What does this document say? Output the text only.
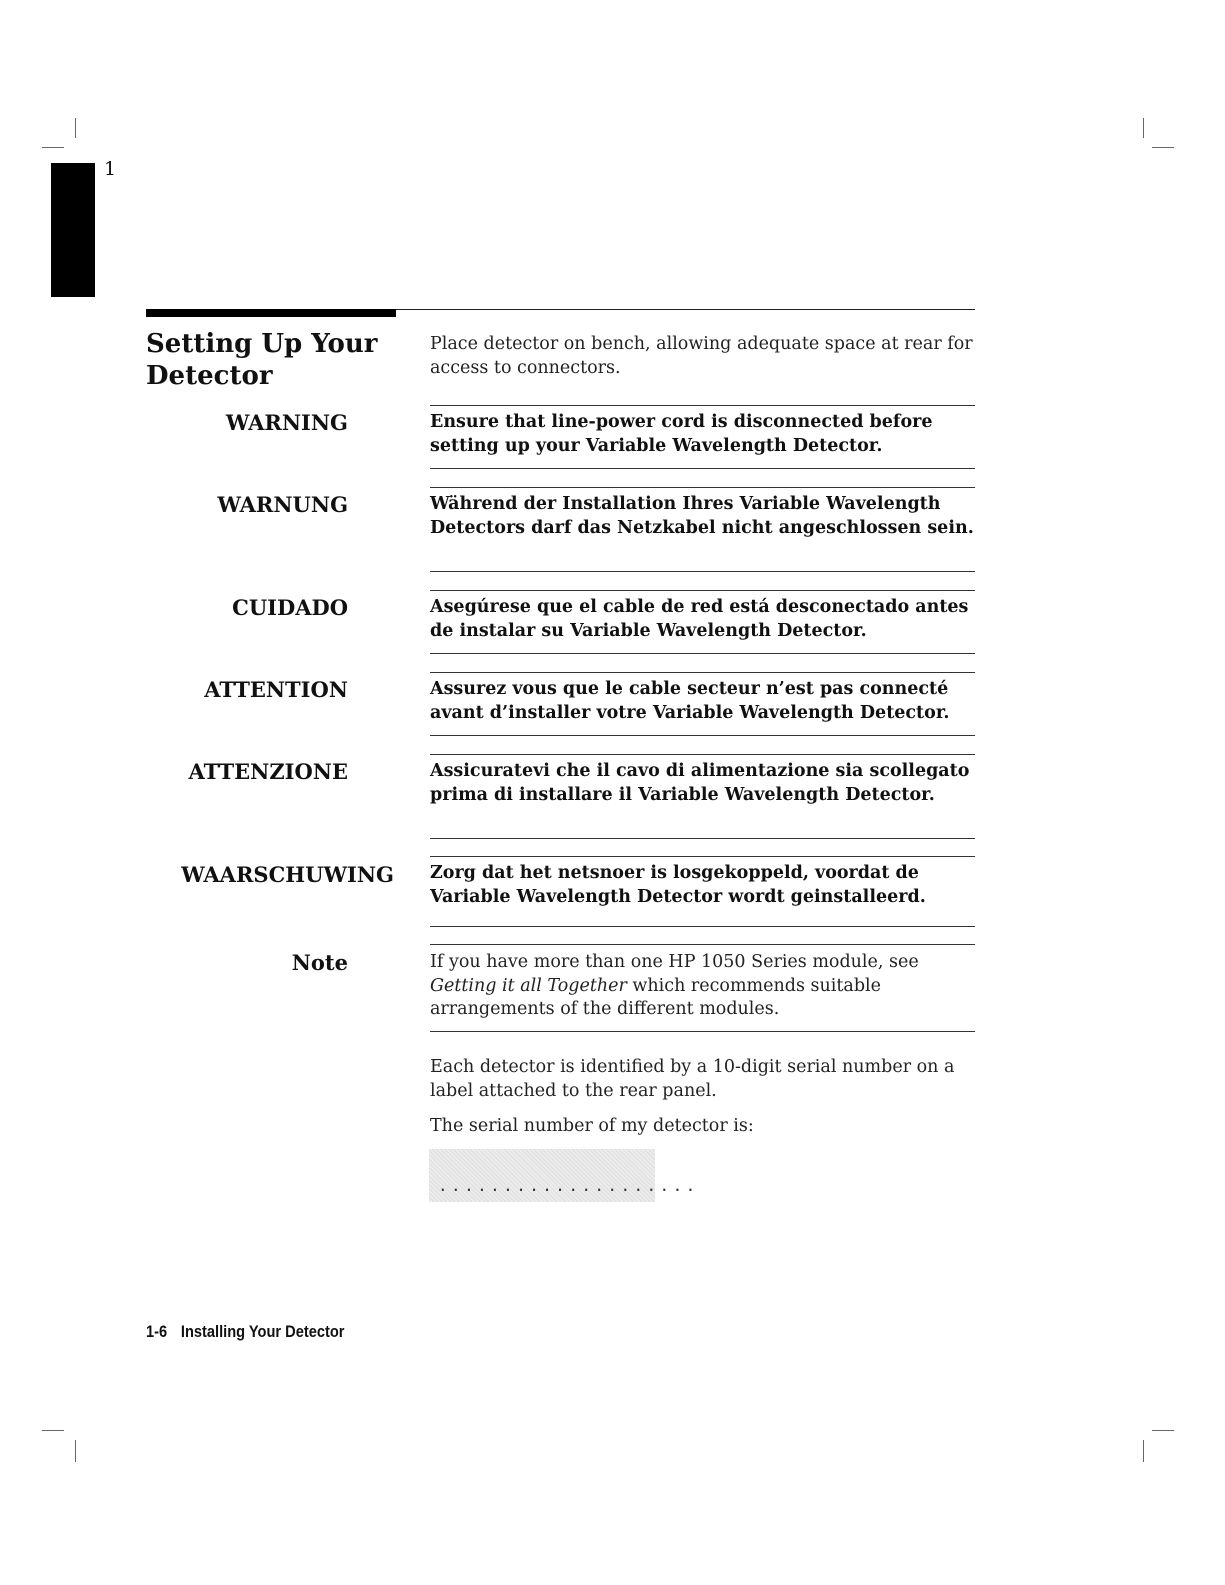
1
Setting Up Your Detector
Place detector on bench, allowing adequate space at rear for access to connectors.
WARNING	Ensure that line-power cord is disconnected before setting up your Variable Wavelength Detector.
WARNUNG	Während der Installation Ihres Variable Wavelength Detectors darf das Netzkabel nicht angeschlossen sein.
CUIDADO	Asegúrese que el cable de red está desconectado antes de instalar su Variable Wavelength Detector.
ATTENTION	Assurez vous que le cable secteur n’est pas connecté avant d’installer votre Variable Wavelength Detector.
ATTENZIONE	Assicuratevi che il cavo di alimentazione sia scollegato prima di installare il Variable Wavelength Detector.
WAARSCHUWING Zorg dat het netsnoer is losgekoppeld, voordat de Variable Wavelength Detector wordt geinstalleerd.
Note	If you have more than one HP 1050 Series module, see Getting it all Together which recommends suitable arrangements of the different modules.
Each detector is identified by a 10-digit serial number on a label attached to the rear panel.
The serial number of my detector is:
....................
1-6 Installing Your Detector
